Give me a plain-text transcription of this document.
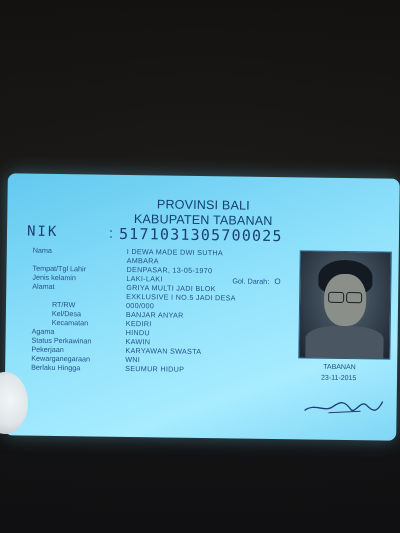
PROVINSI BALI
KABUPATEN TABANAN
NIK	: 5171031305700025
Nama	I DEWA MADE DWI SUTHA
AMBARA
Tempat/Tgl Lahir	DENPASAR, 13-05-1970
Jenis kelamin	LAKI-LAKI	Gol. Darah : O
Alamat	GRIYA MULTI JADI BLOK
EXKLUSIVE I NO.5 JADI DESA
RT/RW	000/000
Kel/Desa	BANJAR ANYAR
Kecamatan	KEDIRI
Agama	HINDU
Status Perkawinan	KAWIN
Pekerjaan	KARYAWAN SWASTA
Kewarganegaraan	WNI
Berlaku Hingga	SEUMUR HIDUP	TABANAN
23-11-2015
